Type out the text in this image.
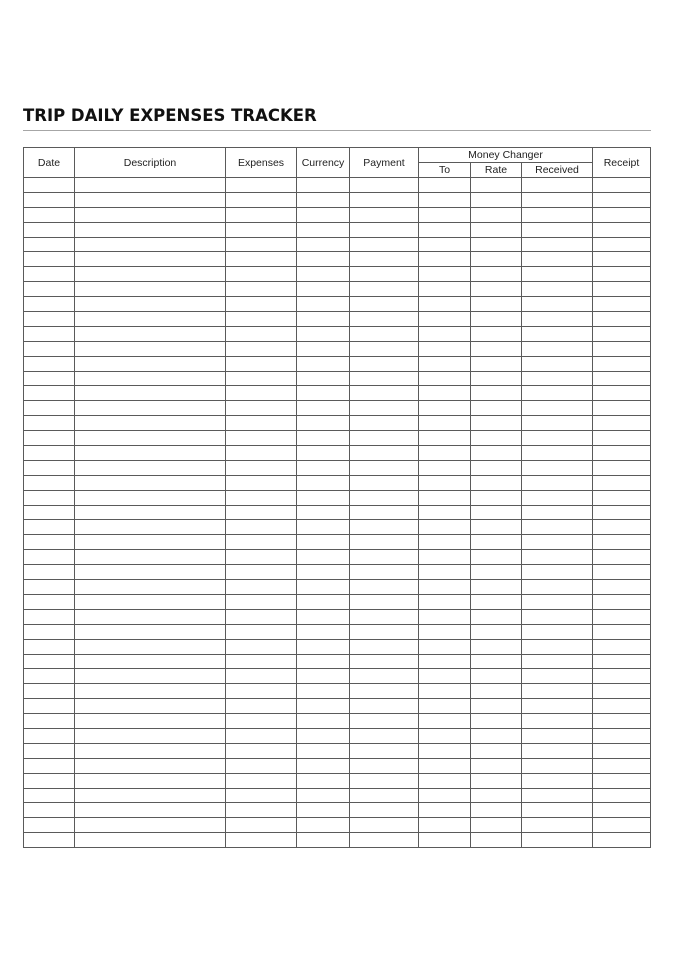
TRIP DAILY EXPENSES TRACKER
Date	Description	Expenses	Currency	Payment	Money Changer			Receipt
					To	Rate	Received	
